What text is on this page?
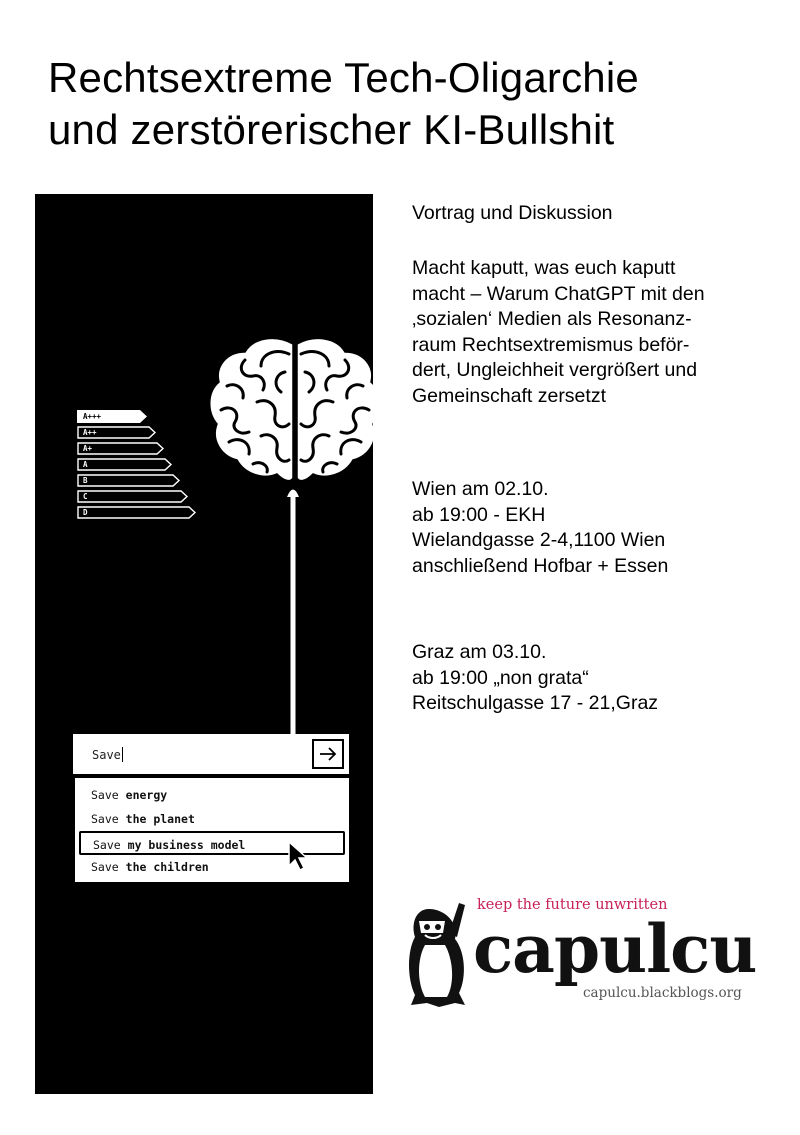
Rechtsextreme Tech-Oligarchie
und zerstörerischer KI-Bullshit
A+++
A++
A+
A
B
C
D
Save
Save energy
Save the planet
Save my business model
Save the children

Vortrag und Diskussion

Macht kaputt, was euch kaputt

macht – Warum ChatGPT mit den

‚sozialen‘ Medien als Resonanz-

raum Rechtsextremismus beför-

dert, Ungleichheit vergrößert und

Gemeinschaft zersetzt

Wien am 02.10.

ab 19:00 - EKH

Wielandgasse 2-4,1100 Wien

anschließend Hofbar + Essen

Graz am 03.10.

ab 19:00 „non grata“

Reitschulgasse 17 - 21,Graz

keep the future unwritten
capulcu
capulcu.blackblogs.org
